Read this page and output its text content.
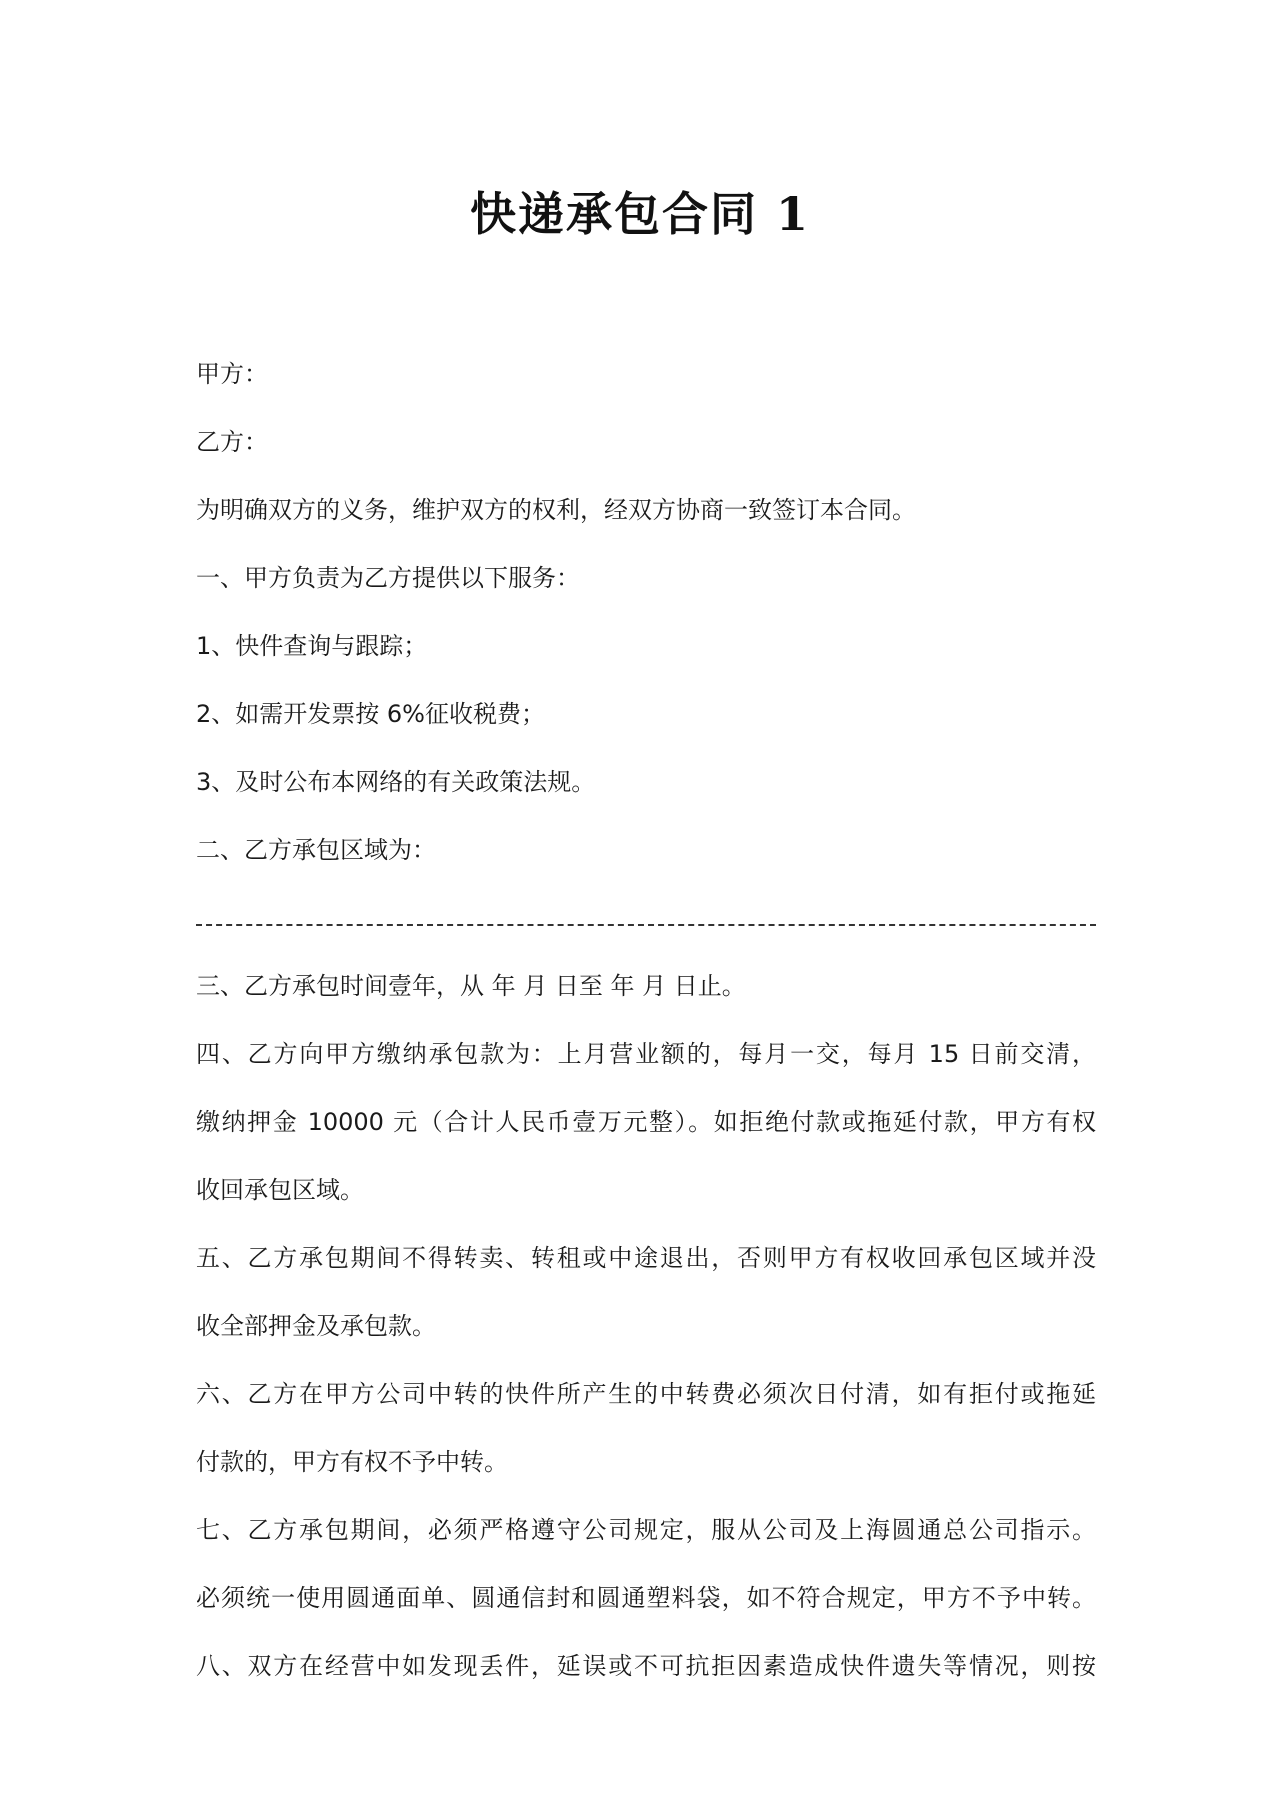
快递承包合同 1
甲方：
乙方：
为明确双方的义务，维护双方的权利，经双方协商一致签订本合同。
一、甲方负责为乙方提供以下服务：
1、快件查询与跟踪；
2、如需开发票按 6%征收税费；
3、及时公布本网络的有关政策法规。
二、乙方承包区域为：
三、乙方承包时间壹年，从 年 月 日至 年 月 日止。
四、乙方向甲方缴纳承包款为：上月营业额的，每月一交，每月 15 日前交清，
缴纳押金 10000 元（合计人民币壹万元整）。如拒绝付款或拖延付款，甲方有权
收回承包区域。
五、乙方承包期间不得转卖、转租或中途退出，否则甲方有权收回承包区域并没
收全部押金及承包款。
六、乙方在甲方公司中转的快件所产生的中转费必须次日付清，如有拒付或拖延
付款的，甲方有权不予中转。
七、乙方承包期间，必须严格遵守公司规定，服从公司及上海圆通总公司指示。
必须统一使用圆通面单、圆通信封和圆通塑料袋，如不符合规定，甲方不予中转。
八、双方在经营中如发现丢件，延误或不可抗拒因素造成快件遗失等情况，则按
